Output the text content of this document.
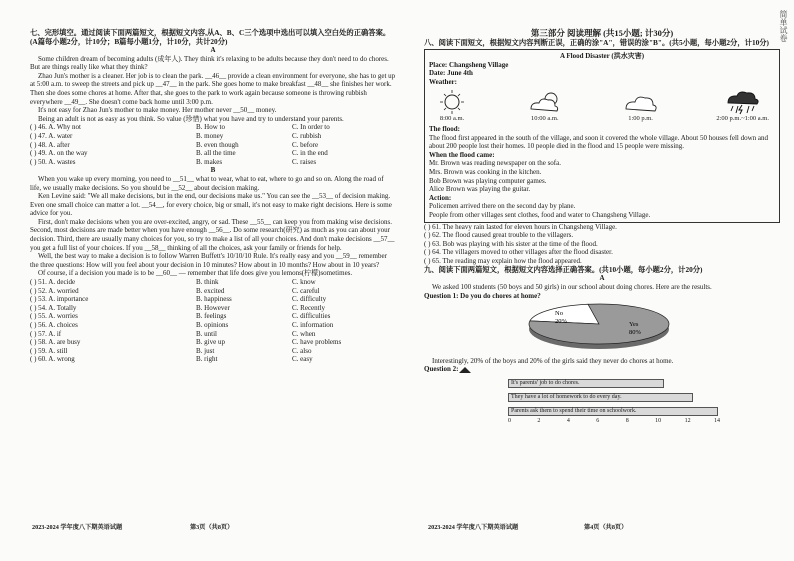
七、完形填空。通过阅读下面两篇短文，根据短文内容,从A、B、C三个选项中选出可以填入空白处的正确答案。(A篇每小题2分，计10分；B篇每小题1分，计10分，共计20分)
A

Some children dream of becoming adults (成年人). They think it's relaxing to be adults because they don't need to do chores. But are things really like what they think?

Zhao Jun's mother is a cleaner. Her job is to clean the park. __46__ provide a clean environment for everyone, she has to get up at 5:00 a.m. to sweep the streets and pick up __47__ in the park. She goes home to make breakfast __48__ she finishes her work. Then she does some chores at home. After that, she goes to the park to work again because someone is throwing rubbish everywhere __49__. She doesn't come back home until 3:00 p.m.

It's not easy for Zhao Jun's mother to make money. Her mother never __50__ money.

Being an adult is not as easy as you think. So value (珍惜) what you have and try to understand your parents.

( ) 46. A. Why not	B. How to	C. In order to
( ) 47. A. water	B. money	C. rubbish
( ) 48. A. after	B. even though	C. before
( ) 49. A. on the way	B. all the time	C. in the end
( ) 50. A. wastes	B. makes	C. raises
B

When you wake up every morning, you need to __51__ what to wear, what to eat, where to go and so on. Along the road of life, we usually make decisions. So you should be __52__ about decision making.

Ken Levine said: "We all make decisions, but in the end, our decisions make us." You can see the __53__ of decision making. Even one small choice can matter a lot. __54__, for every choice, big or small, it's not easy to make right decisions. Here is some advice for you.

First, don't make decisions when you are over-excited, angry, or sad. These __55__ can keep you from making wise decisions. Second, most decisions are made better when you have enough __56__. Do some research(研究) as much as you can about your decision. Third, there are usually many choices for you, so try to make a list of all your choices. And don't make decisions __57__ you get a full list of your choices. If you __58__ thinking of all the choices, ask your family or friends for help.

Well, the best way to make a decision is to follow Warren Buffett's 10/10/10 Rule. It's really easy and you __59__ remember the three questions: How will you feel about your decision in 10 minutes? How about in 10 months? How about in 10 years?

Of course, if a decision you made is to be __60__ — remember that life does give you lemons(柠檬)sometimes.

( ) 51. A. decide	B. think	C. know
( ) 52. A. worried	B. excited	C. careful
( ) 53. A. importance	B. happiness	C. difficulty
( ) 54. A. Totally	B. However	C. Recently
( ) 55. A. worries	B. feelings	C. difficulties
( ) 56. A. choices	B. opinions	C. information
( ) 57. A. if	B. until	C. when
( ) 58. A. are busy	B. give up	C. have problems
( ) 59. A. still	B. just	C. also
( ) 60. A. wrong	B. right	C. easy
2023-2024 学年度八下期英语试题	第3页（共8页）
第三部分 阅读理解 (共15小题; 计30分)
八、阅读下面短文，根据短文内容判断正误，正确的涂"A"，错误的涂"B"。(共5小题，每小题2分，计10分)
A Flood Disaster (洪水灾害)
Place: Changsheng Village
Date: June 4th
Weather:
8:00 a.m.	10:00 a.m.	1:00 p.m.	2:00 p.m.~1:00 a.m.
The flood:
The flood first appeared in the south of the village, and soon it covered the whole village. About 50 houses fell down and about 200 people lost their homes. 10 people died in the flood and 15 people were missing.
When the flood came:
Mr. Brown was reading newspaper on the sofa.
Mrs. Brown was cooking in the kitchen.
Bob Brown was playing computer games.
Alice Brown was playing the guitar.
Action:
Policemen arrived there on the second day by plane.
People from other villages sent clothes, food and water to Changsheng Village.
( ) 61. The heavy rain lasted for eleven hours in Changsheng Village.
( ) 62. The flood caused great trouble to the villagers.
( ) 63. Bob was playing with his sister at the time of the flood.
( ) 64. The villagers moved to other villages after the flood disaster.
( ) 65. The reading may explain how the flood appeared.
九、阅读下面两篇短文，根据短文内容选择正确答案。(共10小题，每小题2分，计20分)
A

We asked 100 students (50 boys and 50 girls) in our school about doing chores. Here are the results.

Question 1: Do you do chores at home?
No
20%	Yes
80%

Interestingly, 20% of the boys and 20% of the girls said they never do chores at home.

Question 2:
It's parents' job to do chores.
They have a lot of homework to do every day.
Parents ask them to spend their time on schoolwork.
0	2	4	6	8	10	12	14
2023-2024 学年度八下期英语试题	第4页（共8页）
简单试卷
